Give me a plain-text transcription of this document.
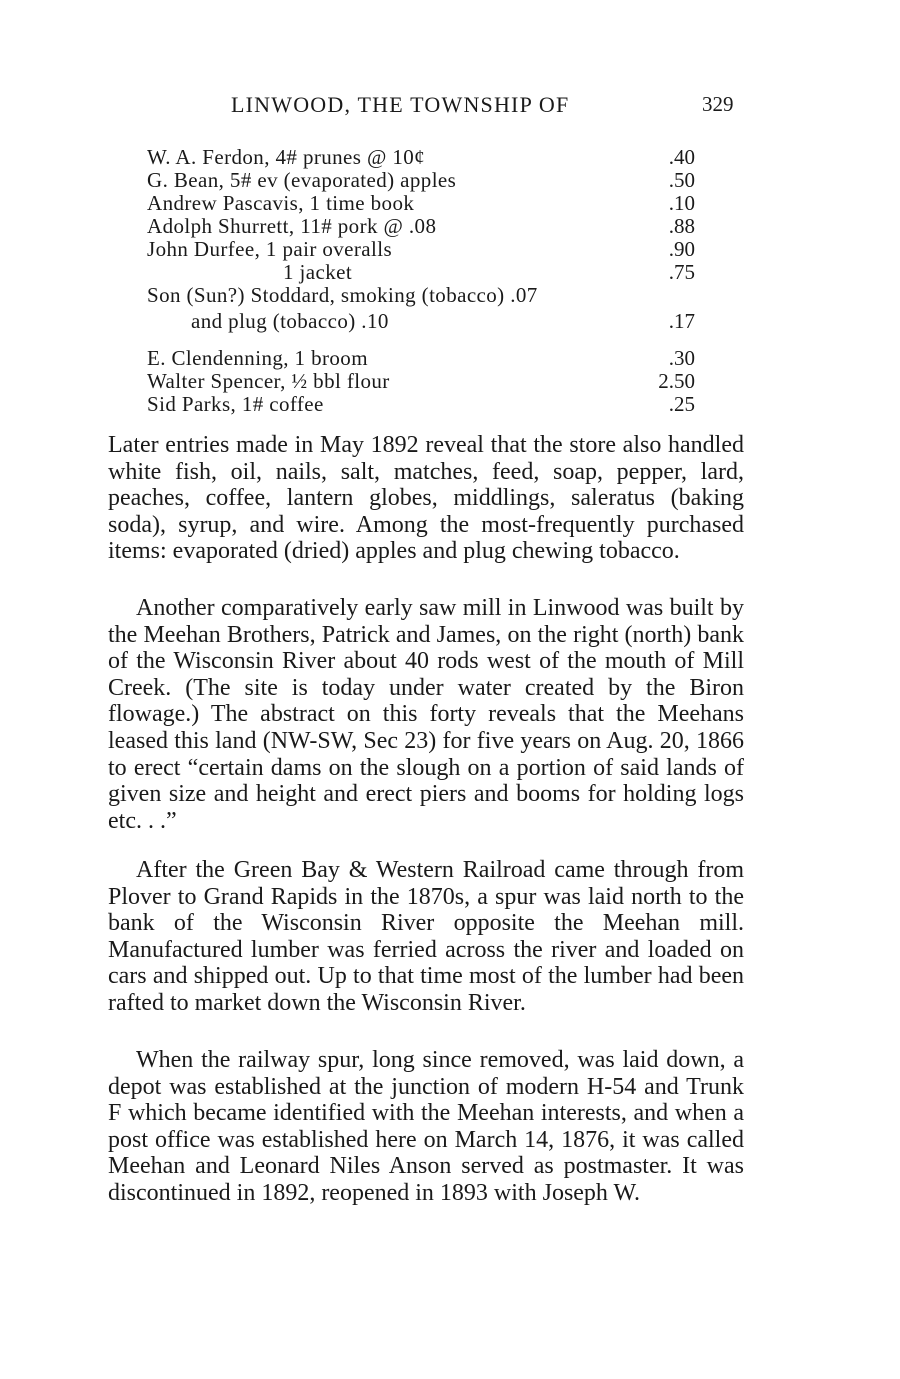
LINWOOD, THE TOWNSHIP OF	329
W. A. Ferdon, 4# prunes @ 10¢	.40
G. Bean, 5# ev (evaporated) apples	.50
Andrew Pascavis, 1 time book	.10
Adolph Shurrett, 11# pork @ .08	.88
John Durfee, 1 pair overalls	.90
1 jacket	.75
Son (Sun?) Stoddard, smoking (tobacco) .07
and plug (tobacco) .10	.17
E. Clendenning, 1 broom	.30
Walter Spencer, ½ bbl flour	2.50
Sid Parks, 1# coffee	.25

Later entries made in May 1892 reveal that the store also handled white fish, oil, nails, salt, matches, feed, soap, pepper, lard, peaches, coffee, lantern globes, middlings, saleratus (baking soda), syrup, and wire. Among the most-frequently purchased items: evaporated (dried) apples and plug chewing tobacco.

Another comparatively early saw mill in Linwood was built by the Meehan Brothers, Patrick and James, on the right (north) bank of the Wisconsin River about 40 rods west of the mouth of Mill Creek. (The site is today under water created by the Biron flowage.) The abstract on this forty reveals that the Meehans leased this land (NW-SW, Sec 23) for five years on Aug. 20, 1866 to erect “certain dams on the slough on a portion of said lands of given size and height and erect piers and booms for holding logs etc. . .”

After the Green Bay & Western Railroad came through from Plover to Grand Rapids in the 1870s, a spur was laid north to the bank of the Wisconsin River opposite the Meehan mill. Manufactured lumber was ferried across the river and loaded on cars and shipped out. Up to that time most of the lumber had been rafted to market down the Wisconsin River.

When the railway spur, long since removed, was laid down, a depot was established at the junction of modern H-54 and Trunk F which became identified with the Meehan interests, and when a post office was established here on March 14, 1876, it was called Meehan and Leonard Niles Anson served as postmaster. It was discontinued in 1892, reopened in 1893 with Joseph W.
